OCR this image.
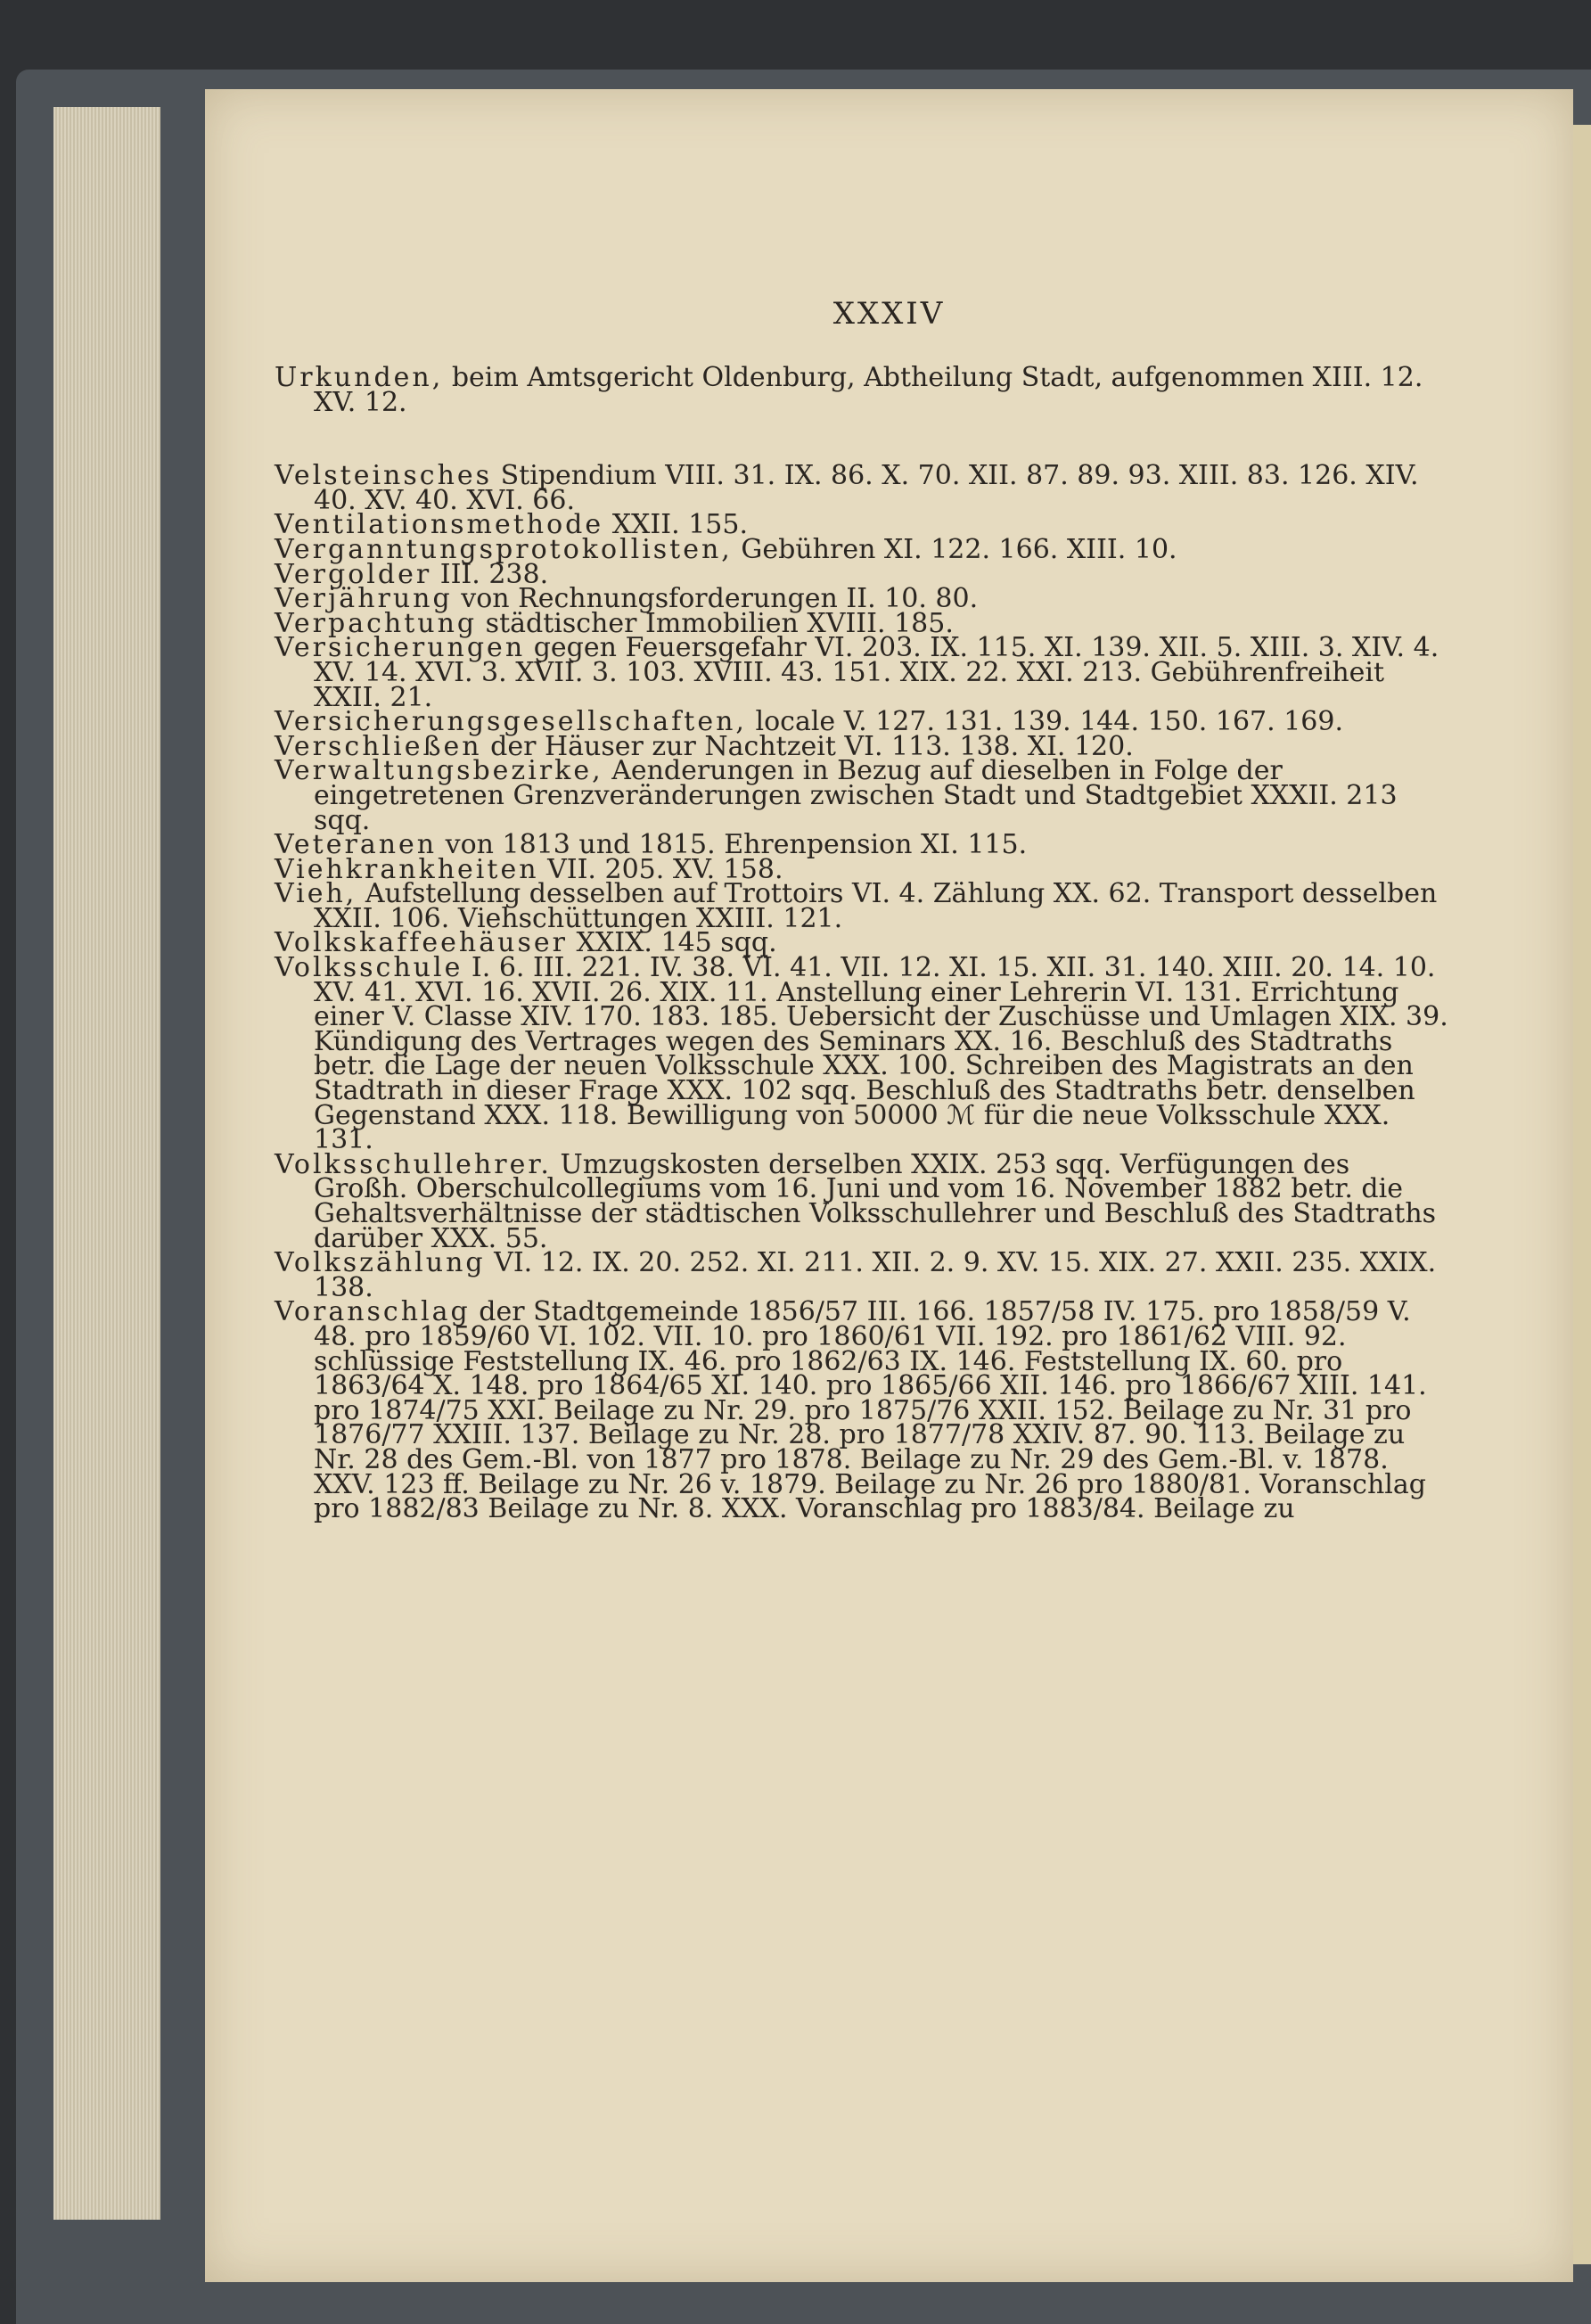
XXXIV

Urkunden, beim Amtsgericht Oldenburg, Abtheilung Stadt, aufgenommen XIII. 12. XV. 12.

Velsteinsches Stipendium VIII. 31. IX. 86. X. 70. XII. 87. 89. 93. XIII. 83. 126. XIV. 40. XV. 40. XVI. 66.

Ventilationsmethode XXII. 155.

Verganntungsprotokollisten, Gebühren XI. 122. 166. XIII. 10.

Vergolder III. 238.

Verjährung von Rechnungsforderungen II. 10. 80.

Verpachtung städtischer Immobilien XVIII. 185.

Versicherungen gegen Feuersgefahr VI. 203. IX. 115. XI. 139. XII. 5. XIII. 3. XIV. 4. XV. 14. XVI. 3. XVII. 3. 103. XVIII. 43. 151. XIX. 22. XXI. 213. Gebührenfreiheit XXII. 21.

Versicherungsgesellschaften, locale V. 127. 131. 139. 144. 150. 167. 169.

Verschließen der Häuser zur Nachtzeit VI. 113. 138. XI. 120.

Verwaltungsbezirke, Aenderungen in Bezug auf dieselben in Folge der eingetretenen Grenzveränderungen zwischen Stadt und Stadtgebiet XXXII. 213 sqq.

Veteranen von 1813 und 1815. Ehrenpension XI. 115.

Viehkrankheiten VII. 205. XV. 158.

Vieh, Aufstellung desselben auf Trottoirs VI. 4. Zählung XX. 62. Transport desselben XXII. 106. Viehschüttungen XXIII. 121.

Volkskaffeehäuser XXIX. 145 sqq.

Volksschule I. 6. III. 221. IV. 38. VI. 41. VII. 12. XI. 15. XII. 31. 140. XIII. 20. 14. 10. XV. 41. XVI. 16. XVII. 26. XIX. 11. Anstellung einer Lehrerin VI. 131. Errichtung einer V. Classe XIV. 170. 183. 185. Uebersicht der Zuschüsse und Umlagen XIX. 39. Kündigung des Vertrages wegen des Seminars XX. 16. Beschluß des Stadtraths betr. die Lage der neuen Volksschule XXX. 100. Schreiben des Magistrats an den Stadtrath in dieser Frage XXX. 102 sqq. Beschluß des Stadtraths betr. denselben Gegenstand XXX. 118. Bewilligung von 50000 ℳ für die neue Volksschule XXX. 131.

Volksschullehrer. Umzugskosten derselben XXIX. 253 sqq. Verfügungen des Großh. Oberschulcollegiums vom 16. Juni und vom 16. November 1882 betr. die Gehaltsverhältnisse der städtischen Volksschullehrer und Beschluß des Stadtraths darüber XXX. 55.

Volkszählung VI. 12. IX. 20. 252. XI. 211. XII. 2. 9. XV. 15. XIX. 27. XXII. 235. XXIX. 138.

Voranschlag der Stadtgemeinde 1856/57 III. 166. 1857/58 IV. 175. pro 1858/59 V. 48. pro 1859/60 VI. 102. VII. 10. pro 1860/61 VII. 192. pro 1861/62 VIII. 92. schlüssige Feststellung IX. 46. pro 1862/63 IX. 146. Feststellung IX. 60. pro 1863/64 X. 148. pro 1864/65 XI. 140. pro 1865/66 XII. 146. pro 1866/67 XIII. 141. pro 1874/75 XXI. Beilage zu Nr. 29. pro 1875/76 XXII. 152. Beilage zu Nr. 31 pro 1876/77 XXIII. 137. Beilage zu Nr. 28. pro 1877/78 XXIV. 87. 90. 113. Beilage zu Nr. 28 des Gem.-Bl. von 1877 pro 1878. Beilage zu Nr. 29 des Gem.-Bl. v. 1878. XXV. 123 ff. Beilage zu Nr. 26 v. 1879. Beilage zu Nr. 26 pro 1880/81. Voranschlag pro 1882/83 Beilage zu Nr. 8. XXX. Voranschlag pro 1883/84. Beilage zu
